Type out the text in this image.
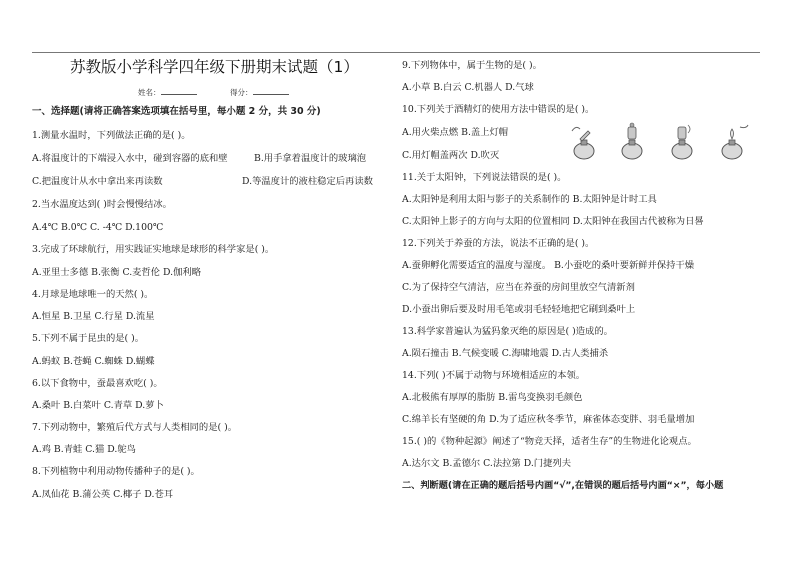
苏教版小学科学四年级下册期末试题（1）
姓名：	得分：
一、选择题(请将正确答案选项填在括号里，每小题 2 分，共 30 分)
1.测量水温时，下列做法正确的是( )。
A.将温度计的下端浸入水中，碰到容器的底和壁	B.用手拿着温度计的玻璃泡
C.把温度计从水中拿出来再读数	D.等温度计的液柱稳定后再读数
2.当水温度达到( )时会慢慢结冰。
A.4℃ B.0℃ C. -4℃ D.100℃
3.完成了环球航行，用实践证实地球是球形的科学家是( )。
A.亚里士多德 B.张衡 C.麦哲伦 D.伽利略
4.月球是地球唯一的天然( )。
A.恒星 B.卫星 C.行星 D.流星
5.下列不属于昆虫的是( )。
A.蚂蚁 B.苍蝇 C.蜘蛛 D.蝴蝶
6.以下食物中，蚕最喜欢吃( )。
A.桑叶 B.白菜叶 C.青草 D.萝卜
7.下列动物中，繁殖后代方式与人类相同的是( )。
A.鸡 B.青蛙 C.猫 D.鸵鸟
8.下列植物中利用动物传播种子的是( )。
A.凤仙花 B.蒲公英 C.椰子 D.苍耳
9.下列物体中，属于生物的是( )。
A.小草 B.白云 C.机器人 D.气球
10.下列关于酒精灯的使用方法中错误的是( )。
A.用火柴点燃 B.盖上灯帽
C.用灯帽盖两次 D.吹灭
11.关于太阳钟，下列说法错误的是( )。
A.太阳钟是利用太阳与影子的关系制作的 B.太阳钟是计时工具
C.太阳钟上影子的方向与太阳的位置相同 D.太阳钟在我国古代被称为日晷
12.下列关于养蚕的方法，说法不正确的是( )。
A.蚕卵孵化需要适宜的温度与湿度。 B.小蚕吃的桑叶要新鲜并保持干燥
C.为了保持空气清洁，应当在养蚕的房间里放空气清新剂
D.小蚕出卵后要及时用毛笔或羽毛轻轻地把它刷到桑叶上
13.科学家普遍认为猛犸象灭绝的原因是( )造成的。
A.陨石撞击 B.气候变暖 C.海啸地震 D.古人类捕杀
14.下列( )不属于动物与环境相适应的本领。
A.北极熊有厚厚的脂肪 B.雷鸟变换羽毛颜色
C.绵羊长有坚硬的角 D.为了适应秋冬季节，麻雀体态变胖、羽毛量增加
15.( )的《物种起源》阐述了“物竞天择，适者生存”的生物进化论观点。
A.达尔文 B.孟德尔 C.法拉第 D.门捷列夫
二、判断题(请在正确的题后括号内画“√”,在错误的题后括号内画“×”，每小题
